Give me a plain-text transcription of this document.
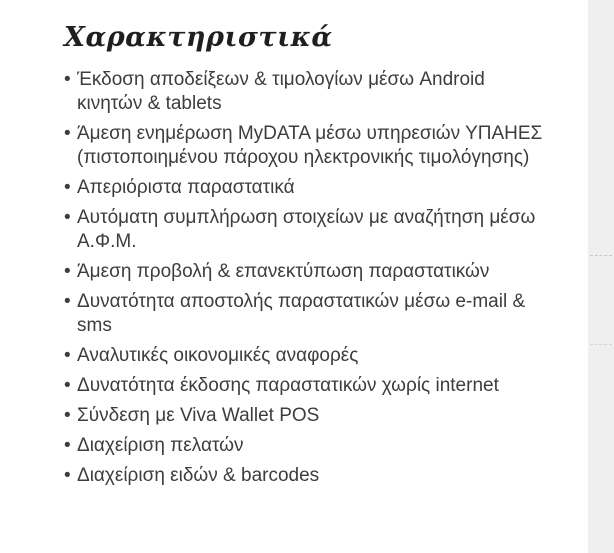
Χαρακτηριστικά
• Έκδοση αποδείξεων & τιμολογίων μέσω Android κινητών & tablets
• Άμεση ενημέρωση MyDATA μέσω υπηρεσιών ΥΠΑΗΕΣ (πιστοποιημένου πάροχου ηλεκτρονικής τιμολόγησης)
• Απεριόριστα παραστατικά
• Αυτόματη συμπλήρωση στοιχείων με αναζήτηση μέσω Α.Φ.Μ.
• Άμεση προβολή & επανεκτύπωση παραστατικών
• Δυνατότητα αποστολής παραστατικών μέσω e-mail & sms
• Αναλυτικές οικονομικές αναφορές
• Δυνατότητα έκδοσης παραστατικών χωρίς internet
• Σύνδεση με Viva Wallet POS
• Διαχείριση πελατών
• Διαχείριση ειδών & barcodes
